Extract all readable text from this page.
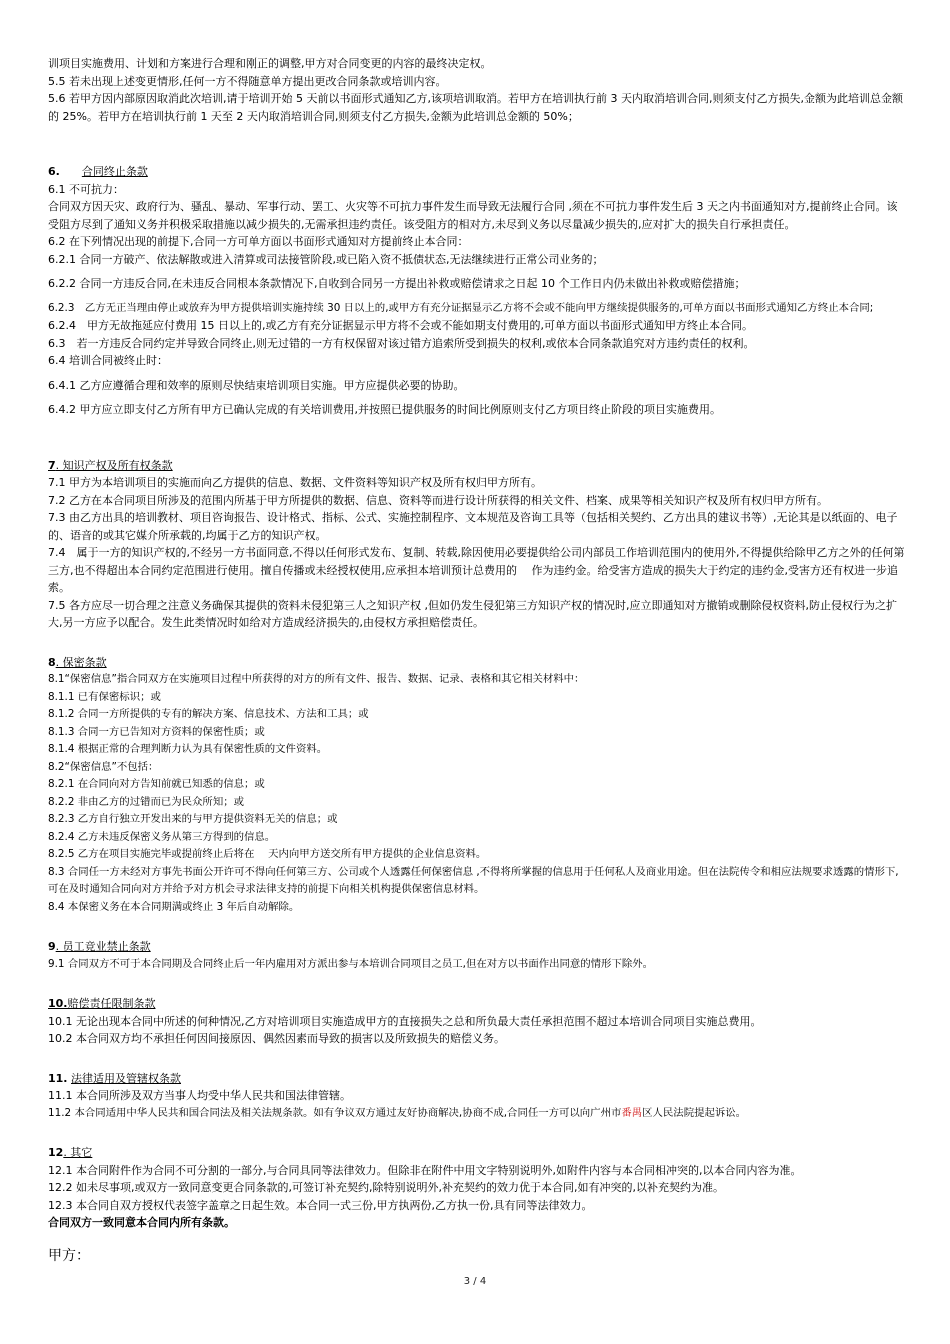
训项目实施费用、计划和方案进行合理和刚正的调整,甲方对合同变更的内容的最终决定权。

5.5 若未出现上述变更情形,任何一方不得随意单方提出更改合同条款或培训内容。

5.6 若甲方因内部原因取消此次培训,请于培训开始 5 天前以书面形式通知乙方,该项培训取消。若甲方在培训执行前 3 天内取消培训合同,则须支付乙方损失,金额为此培训总金额的 25%。若甲方在培训执行前 1 天至 2 天内取消培训合同,则须支付乙方损失,金额为此培训总金额的 50%；

6. 合同终止条款

6.1 不可抗力：

合同双方因天灾、政府行为、骚乱、暴动、军事行动、罢工、火灾等不可抗力事件发生而导致无法履行合同 ,须在不可抗力事件发生后 3 天之内书面通知对方,提前终止合同。该受阻方尽到了通知义务并积极采取措施以减少损失的,无需承担违约责任。该受阻方的相对方,未尽到义务以尽量减少损失的,应对扩大的损失自行承担责任。

6.2 在下列情况出现的前提下,合同一方可单方面以书面形式通知对方提前终止本合同：

6.2.1 合同一方破产、依法解散或进入清算或司法接管阶段,或已陷入资不抵债状态,无法继续进行正常公司业务的；

6.2.2 合同一方违反合同,在未违反合同根本条款情况下,自收到合同另一方提出补救或赔偿请求之日起 10 个工作日内仍未做出补救或赔偿措施；

6.2.3　乙方无正当理由停止或放弃为甲方提供培训实施持续 30 日以上的,或甲方有充分证据显示乙方将不会或不能向甲方继续提供服务的,可单方面以书面形式通知乙方终止本合同;

6.2.4　甲方无故拖延应付费用 15 日以上的,或乙方有充分证据显示甲方将不会或不能如期支付费用的,可单方面以书面形式通知甲方终止本合同。

6.3　若一方违反合同约定并导致合同终止,则无过错的一方有权保留对该过错方追索所受到损失的权利,或依本合同条款追究对方违约责任的权利。

6.4 培训合同被终止时：

6.4.1 乙方应遵循合理和效率的原则尽快结束培训项目实施。甲方应提供必要的协助。

6.4.2 甲方应立即支付乙方所有甲方已确认完成的有关培训费用,并按照已提供服务的时间比例原则支付乙方项目终止阶段的项目实施费用。

7. 知识产权及所有权条款

7.1 甲方为本培训项目的实施而向乙方提供的信息、数据、文件资料等知识产权及所有权归甲方所有。

7.2 乙方在本合同项目所涉及的范围内所基于甲方所提供的数据、信息、资料等而进行设计所获得的相关文件、档案、成果等相关知识产权及所有权归甲方所有。

7.3 由乙方出具的培训教材、项目咨询报告、设计格式、指标、公式、实施控制程序、文本规范及咨询工具等（包括相关契约、乙方出具的建议书等）,无论其是以纸面的、电子的、语音的或其它媒介所承载的,均属于乙方的知识产权。

7.4　属于一方的知识产权的,不经另一方书面同意,不得以任何形式发布、复制、转载,除因使用必要提供给公司内部员工作培训范围内的使用外,不得提供给除甲乙方之外的任何第三方,也不得超出本合同约定范围进行使用。擅自传播或未经授权使用,应承担本培训预计总费用的　 作为违约金。给受害方造成的损失大于约定的违约金,受害方还有权进一步追索。

7.5 各方应尽一切合理之注意义务确保其提供的资料未侵犯第三人之知识产权 ,但如仍发生侵犯第三方知识产权的情况时,应立即通知对方撤销或删除侵权资料,防止侵权行为之扩大,另一方应予以配合。发生此类情况时如给对方造成经济损失的,由侵权方承担赔偿责任。

8. 保密条款

8.1“保密信息”指合同双方在实施项目过程中所获得的对方的所有文件、报告、数据、记录、表格和其它相关材料中：

8.1.1 已有保密标识；或

8.1.2 合同一方所提供的专有的解决方案、信息技术、方法和工具；或

8.1.3 合同一方已告知对方资料的保密性质；或

8.1.4 根据正常的合理判断力认为具有保密性质的文件资料。

8.2“保密信息”不包括：

8.2.1 在合同向对方告知前就已知悉的信息；或

8.2.2 非由乙方的过错而已为民众所知；或

8.2.3 乙方自行独立开发出来的与甲方提供资料无关的信息；或

8.2.4 乙方未违反保密义务从第三方得到的信息。

8.2.5 乙方在项目实施完毕或提前终止后将在　 天内向甲方送交所有甲方提供的企业信息资料。

8.3 合同任一方未经对方事先书面公开许可不得向任何第三方、公司或个人透露任何保密信息 ,不得将所掌握的信息用于任何私人及商业用途。但在法院传令和相应法规要求透露的情形下,可在及时通知合同向对方并给予对方机会寻求法律支持的前提下向相关机构提供保密信息材料。

8.4 本保密义务在本合同期满或终止 3 年后自动解除。

9. 员工竞业禁止条款

9.1 合同双方不可于本合同期及合同终止后一年内雇用对方派出参与本培训合同项目之员工,但在对方以书面作出同意的情形下除外。

10.赔偿责任限制条款

10.1 无论出现本合同中所述的何种情况,乙方对培训项目实施造成甲方的直接损失之总和所负最大责任承担范围不超过本培训合同项目实施总费用。

10.2 本合同双方均不承担任何因间接原因、偶然因素而导致的损害以及所致损失的赔偿义务。

11. 法律适用及管辖权条款

11.1 本合同所涉及双方当事人均受中华人民共和国法律管辖。

11.2 本合同适用中华人民共和国合同法及相关法规条款。如有争议双方通过友好协商解决,协商不成,合同任一方可以向广州市番禺区人民法院提起诉讼。

12. 其它

12.1 本合同附件作为合同不可分割的一部分,与合同具同等法律效力。但除非在附件中用文字特别说明外,如附件内容与本合同相冲突的,以本合同内容为准。

12.2 如未尽事项,或双方一致同意变更合同条款的,可签订补充契约,除特别说明外,补充契约的效力优于本合同,如有冲突的,以补充契约为准。

12.3 本合同自双方授权代表签字盖章之日起生效。本合同一式三份,甲方执两份,乙方执一份,具有同等法律效力。

合同双方一致同意本合同内所有条款。

甲方：
3 / 4
